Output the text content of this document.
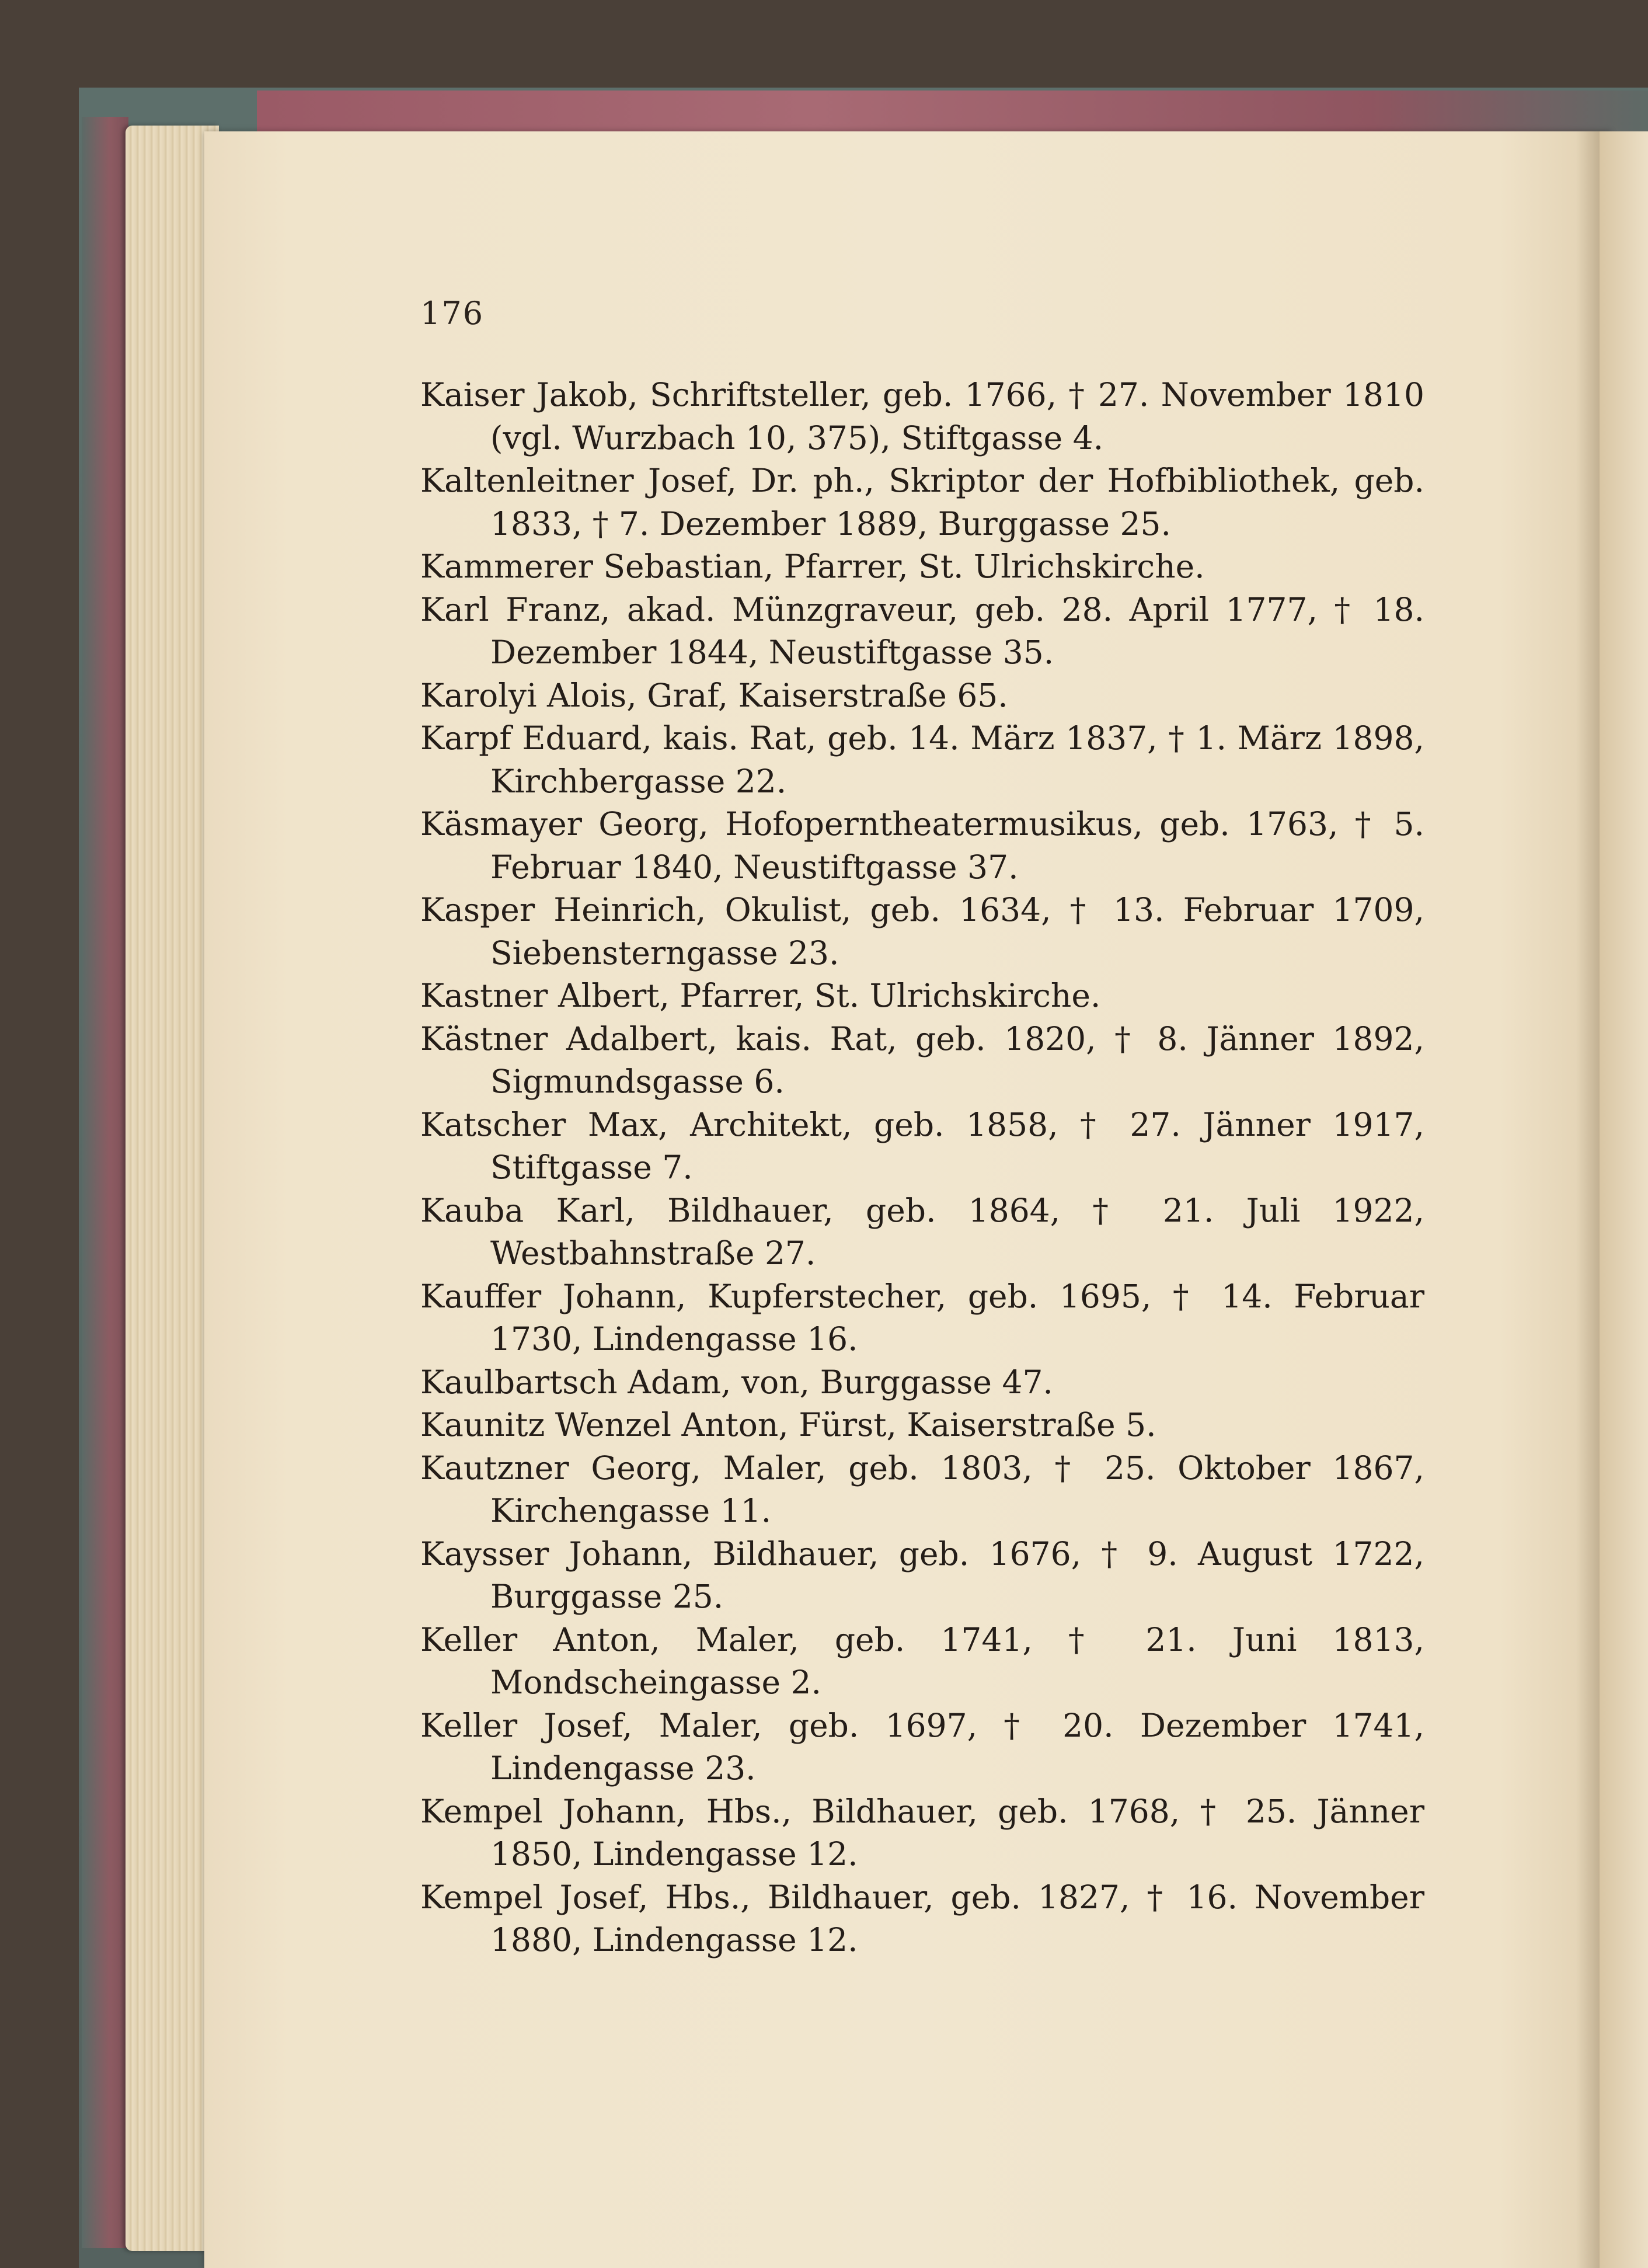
176

Kaiser Jakob, Schriftsteller, geb. 1766, † 27. November 1810 (vgl. Wurzbach 10, 375), Stiftgasse 4.

Kaltenleitner Josef, Dr. ph., Skriptor der Hofbibliothek, geb. 1833, † 7. Dezember 1889, Burggasse 25.

Kammerer Sebastian, Pfarrer, St. Ulrichskirche.

Karl Franz, akad. Münzgraveur, geb. 28. April 1777, † 18. Dezember 1844, Neustiftgasse 35.

Karolyi Alois, Graf, Kaiserstraße 65.

Karpf Eduard, kais. Rat, geb. 14. März 1837, † 1. März 1898, Kirchbergasse 22.

Käsmayer Georg, Hofoperntheatermusikus, geb. 1763, † 5. Februar 1840, Neustiftgasse 37.

Kasper Heinrich, Okulist, geb. 1634, † 13. Februar 1709, Siebensterngasse 23.

Kastner Albert, Pfarrer, St. Ulrichskirche.

Kästner Adalbert, kais. Rat, geb. 1820, † 8. Jänner 1892, Sigmundsgasse 6.

Katscher Max, Architekt, geb. 1858, † 27. Jänner 1917, Stiftgasse 7.

Kauba Karl, Bildhauer, geb. 1864, † 21. Juli 1922, Westbahnstraße 27.

Kauffer Johann, Kupferstecher, geb. 1695, † 14. Februar 1730, Lindengasse 16.

Kaulbartsch Adam, von, Burggasse 47.

Kaunitz Wenzel Anton, Fürst, Kaiserstraße 5.

Kautzner Georg, Maler, geb. 1803, † 25. Oktober 1867, Kirchengasse 11.

Kaysser Johann, Bildhauer, geb. 1676, † 9. August 1722, Burggasse 25.

Keller Anton, Maler, geb. 1741, † 21. Juni 1813, Mondscheingasse 2.

Keller Josef, Maler, geb. 1697, † 20. Dezember 1741, Lindengasse 23.

Kempel Johann, Hbs., Bildhauer, geb. 1768, † 25. Jänner 1850, Lindengasse 12.

Kempel Josef, Hbs., Bildhauer, geb. 1827, † 16. November 1880, Lindengasse 12.
